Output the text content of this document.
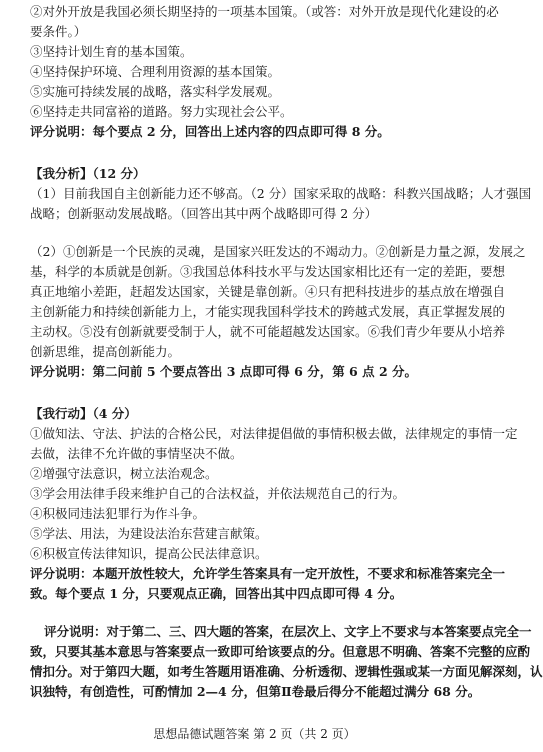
②对外开放是我国必须长期坚持的一项基本国策。（或答：对外开放是现代化建设的必
要条件。）
③坚持计划生育的基本国策。
④坚持保护环境、合理利用资源的基本国策。
⑤实施可持续发展的战略，落实科学发展观。
⑥坚持走共同富裕的道路。努力实现社会公平。
评分说明：每个要点 2 分，回答出上述内容的四点即可得 8 分。
【我分析】（12 分）
（1）目前我国自主创新能力还不够高。（2 分）国家采取的战略：科教兴国战略；人才强国
战略；创新驱动发展战略。（回答出其中两个战略即可得 2 分）
（2）①创新是一个民族的灵魂，是国家兴旺发达的不竭动力。②创新是力量之源，发展之
基，科学的本质就是创新。③我国总体科技水平与发达国家相比还有一定的差距，要想
真正地缩小差距，赶超发达国家，关键是靠创新。④只有把科技进步的基点放在增强自
主创新能力和持续创新能力上，才能实现我国科学技术的跨越式发展，真正掌握发展的
主动权。⑤没有创新就要受制于人，就不可能超越发达国家。⑥我们青少年要从小培养
创新思维，提高创新能力。
评分说明：第二问前 5 个要点答出 3 点即可得 6 分，第 6 点 2 分。
【我行动】（4 分）
①做知法、守法、护法的合格公民，对法律提倡做的事情积极去做，法律规定的事情一定
去做，法律不允许做的事情坚决不做。
②增强守法意识，树立法治观念。
③学会用法律手段来维护自己的合法权益，并依法规范自己的行为。
④积极同违法犯罪行为作斗争。
⑤学法、用法，为建设法治东营建言献策。
⑥积极宣传法律知识，提高公民法律意识。
评分说明：本题开放性较大，允许学生答案具有一定开放性，不要求和标准答案完全一
致。每个要点 1 分，只要观点正确，回答出其中四点即可得 4 分。
评分说明：对于第二、三、四大题的答案，在层次上、文字上不要求与本答案要点完全一
致，只要其基本意思与答案要点一致即可给该要点的分。但意思不明确、答案不完整的应酌
情扣分。对于第四大题，如考生答题用语准确、分析透彻、逻辑性强或某一方面见解深刻，认
识独特，有创造性，可酌情加 2—4 分，但第Ⅱ卷最后得分不能超过满分 68 分。
思想品德试题答案 第 2 页（共 2 页）
